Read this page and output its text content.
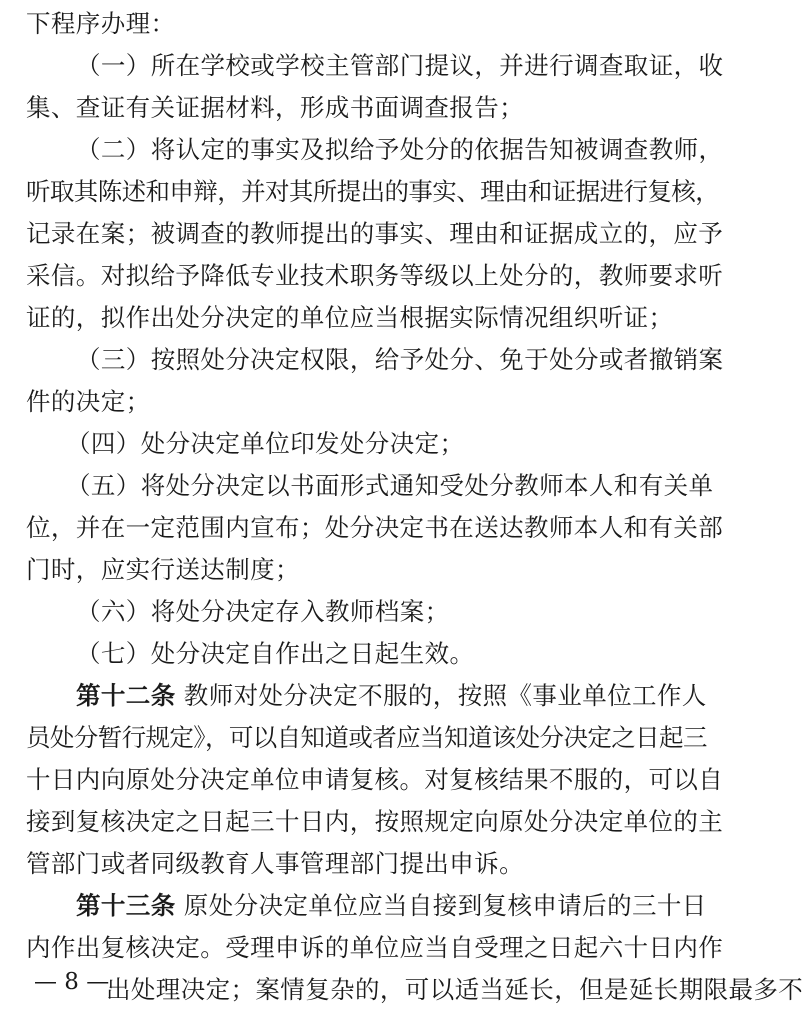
下程序办理：
（一）所在学校或学校主管部门提议，并进行调查取证，收
集、查证有关证据材料，形成书面调查报告；
（二）将认定的事实及拟给予处分的依据告知被调查教师，
听取其陈述和申辩，并对其所提出的事实、理由和证据进行复核，
记录在案；被调查的教师提出的事实、理由和证据成立的，应予
采信。对拟给予降低专业技术职务等级以上处分的，教师要求听
证的，拟作出处分决定的单位应当根据实际情况组织听证；
（三）按照处分决定权限，给予处分、免于处分或者撤销案
件的决定；
（四）处分决定单位印发处分决定；
（五）将处分决定以书面形式通知受处分教师本人和有关单
位，并在一定范围内宣布；处分决定书在送达教师本人和有关部
门时，应实行送达制度；
（六）将处分决定存入教师档案；
（七）处分决定自作出之日起生效。
第十二条 教师对处分决定不服的，按照《事业单位工作人
员处分暂行规定》，可以自知道或者应当知道该处分决定之日起三
十日内向原处分决定单位申请复核。对复核结果不服的，可以自
接到复核决定之日起三十日内，按照规定向原处分决定单位的主
管部门或者同级教育人事管理部门提出申诉。
第十三条 原处分决定单位应当自接到复核申请后的三十日
内作出复核决定。受理申诉的单位应当自受理之日起六十日内作
出处理决定；案情复杂的，可以适当延长，但是延长期限最多不
— 8 —
